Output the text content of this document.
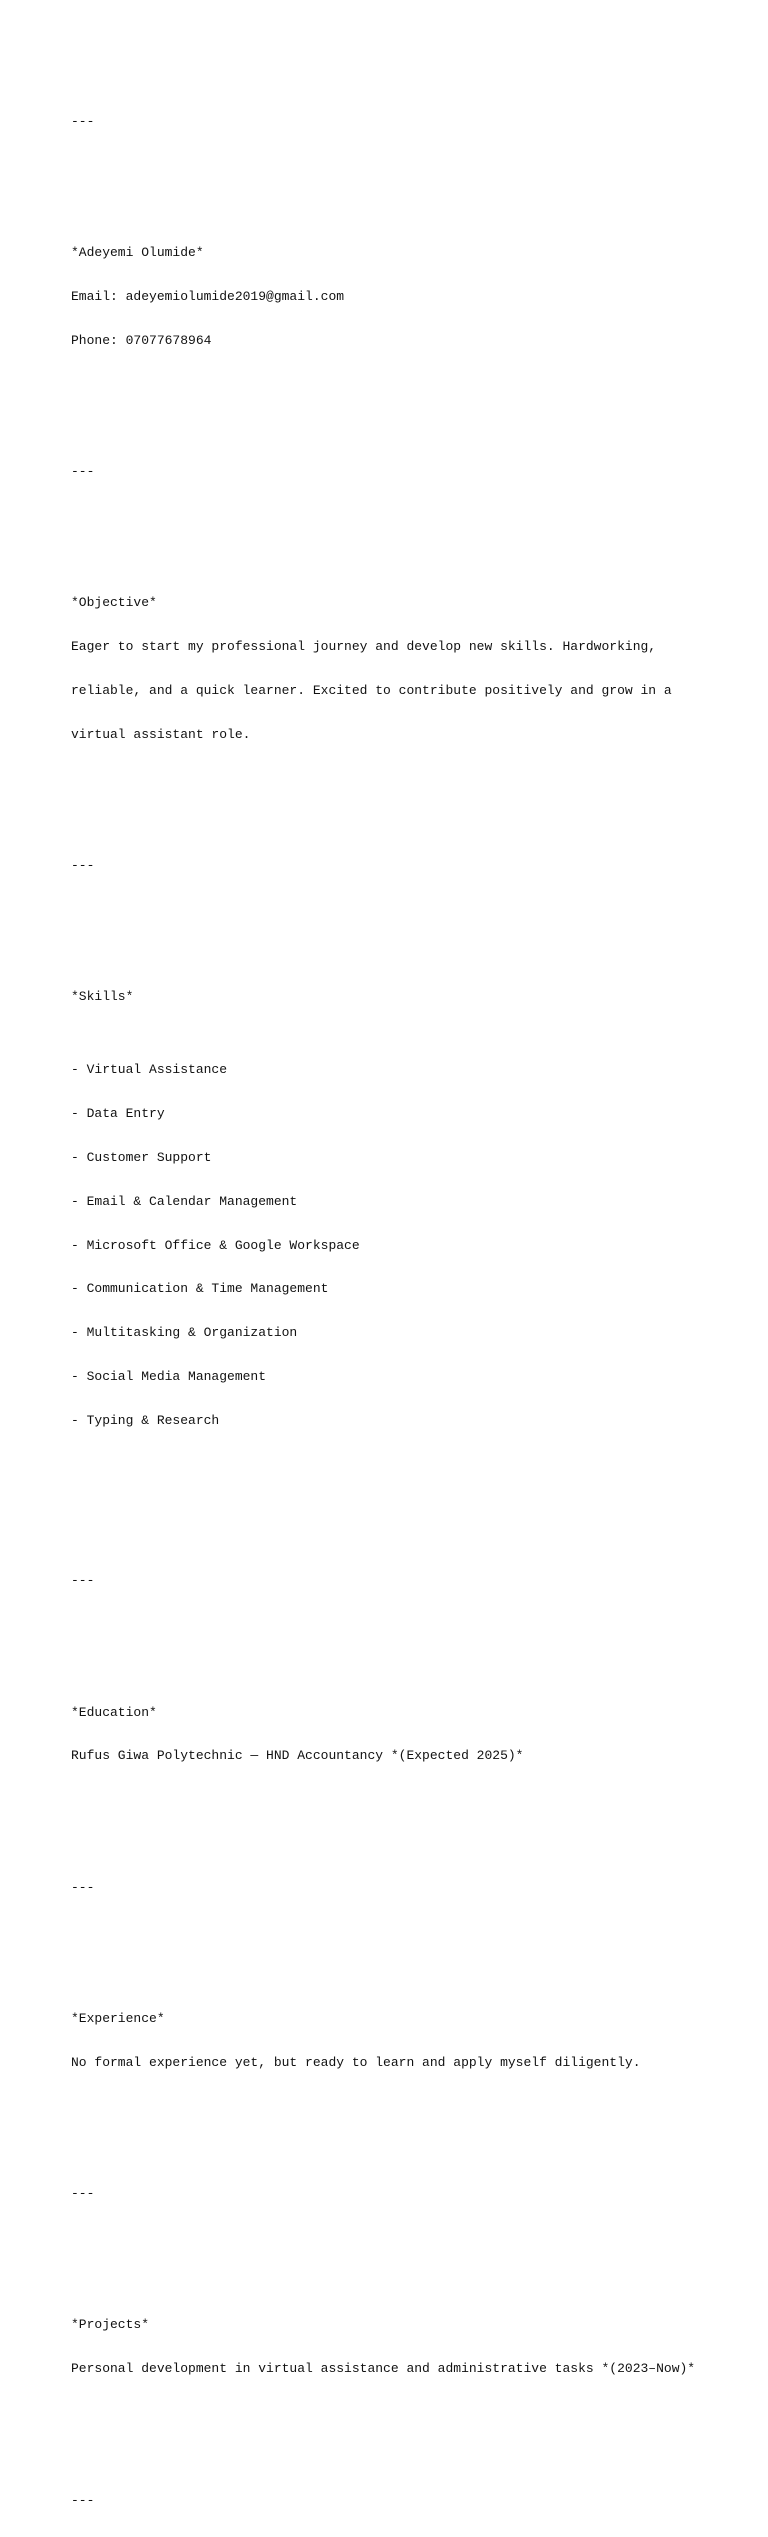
---

*Adeyemi Olumide*

Email: adeyemiolumide2019@gmail.com

Phone: 07077678964

---

*Objective*

Eager to start my professional journey and develop new skills. Hardworking,

reliable, and a quick learner. Excited to contribute positively and grow in a

virtual assistant role.

---

*Skills*

- Virtual Assistance

- Data Entry

- Customer Support

- Email & Calendar Management

- Microsoft Office & Google Workspace

- Communication & Time Management

- Multitasking & Organization

- Social Media Management

- Typing & Research

---

*Education*

Rufus Giwa Polytechnic — HND Accountancy *(Expected 2025)*

---

*Experience*

No formal experience yet, but ready to learn and apply myself diligently.

---

*Projects*

Personal development in virtual assistance and administrative tasks *(2023–Now)*

---
